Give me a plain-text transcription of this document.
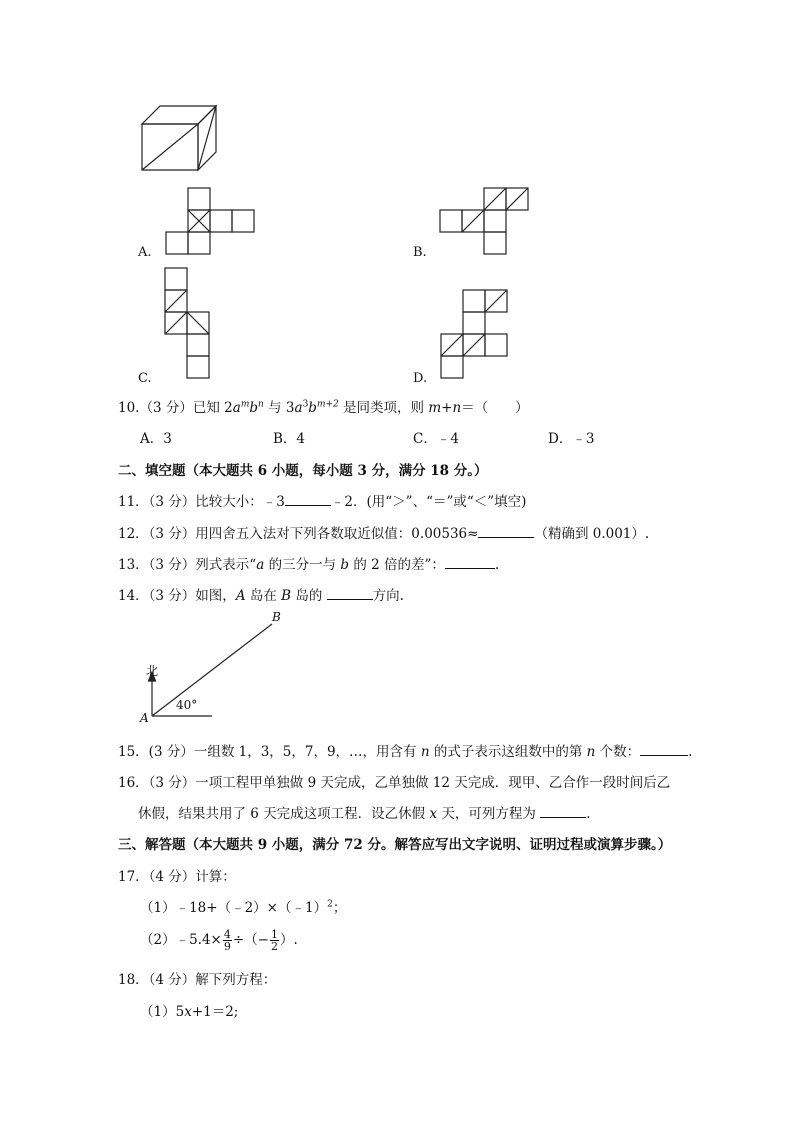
A.	B.
C.	D.
10.（3 分）已知 $2a^mb^n$ 与 $3a^3b^{m+2}$ 是同类项，则 m+n＝（　　）
A．3	B．4	C．﹣4	D．﹣3
二、填空题（本大题共 6 小题，每小题 3 分，满分 18 分。）
11．（3 分）比较大小：﹣3	﹣2．(用“＞”、“＝”或“＜”填空)
12．（3 分）用四舍五入法对下列各数取近似值：0.00536≈	（精确到 0.001）.
13．（3 分）列式表示“a 的三分一与 b 的 2 倍的差”：	.
14．（3 分）如图，A 岛在 B 岛的	方向.
北
A
B
40°
15．(3 分）一组数 1，3，5，7，9，…，用含有 n 的式子表示这组数中的第 n 个数：	.
16．（3 分）一项工程甲单独做 9 天完成，乙单独做 12 天完成．现甲、乙合作一段时间后乙
休假，结果共用了 6 天完成这项工程．设乙休假 x 天，可列方程为	.
三、解答题（本大题共 9 小题，满分 72 分。解答应写出文字说明、证明过程或演算步骤。）
17．（4 分）计算：
（1）﹣18+（﹣2）×（﹣1）$^2$；
（2）﹣5.4× $\frac{4}{9}$ ÷（− $\frac{1}{2}$ ）.
18．（4 分）解下列方程：
（1）5x+1＝2;
